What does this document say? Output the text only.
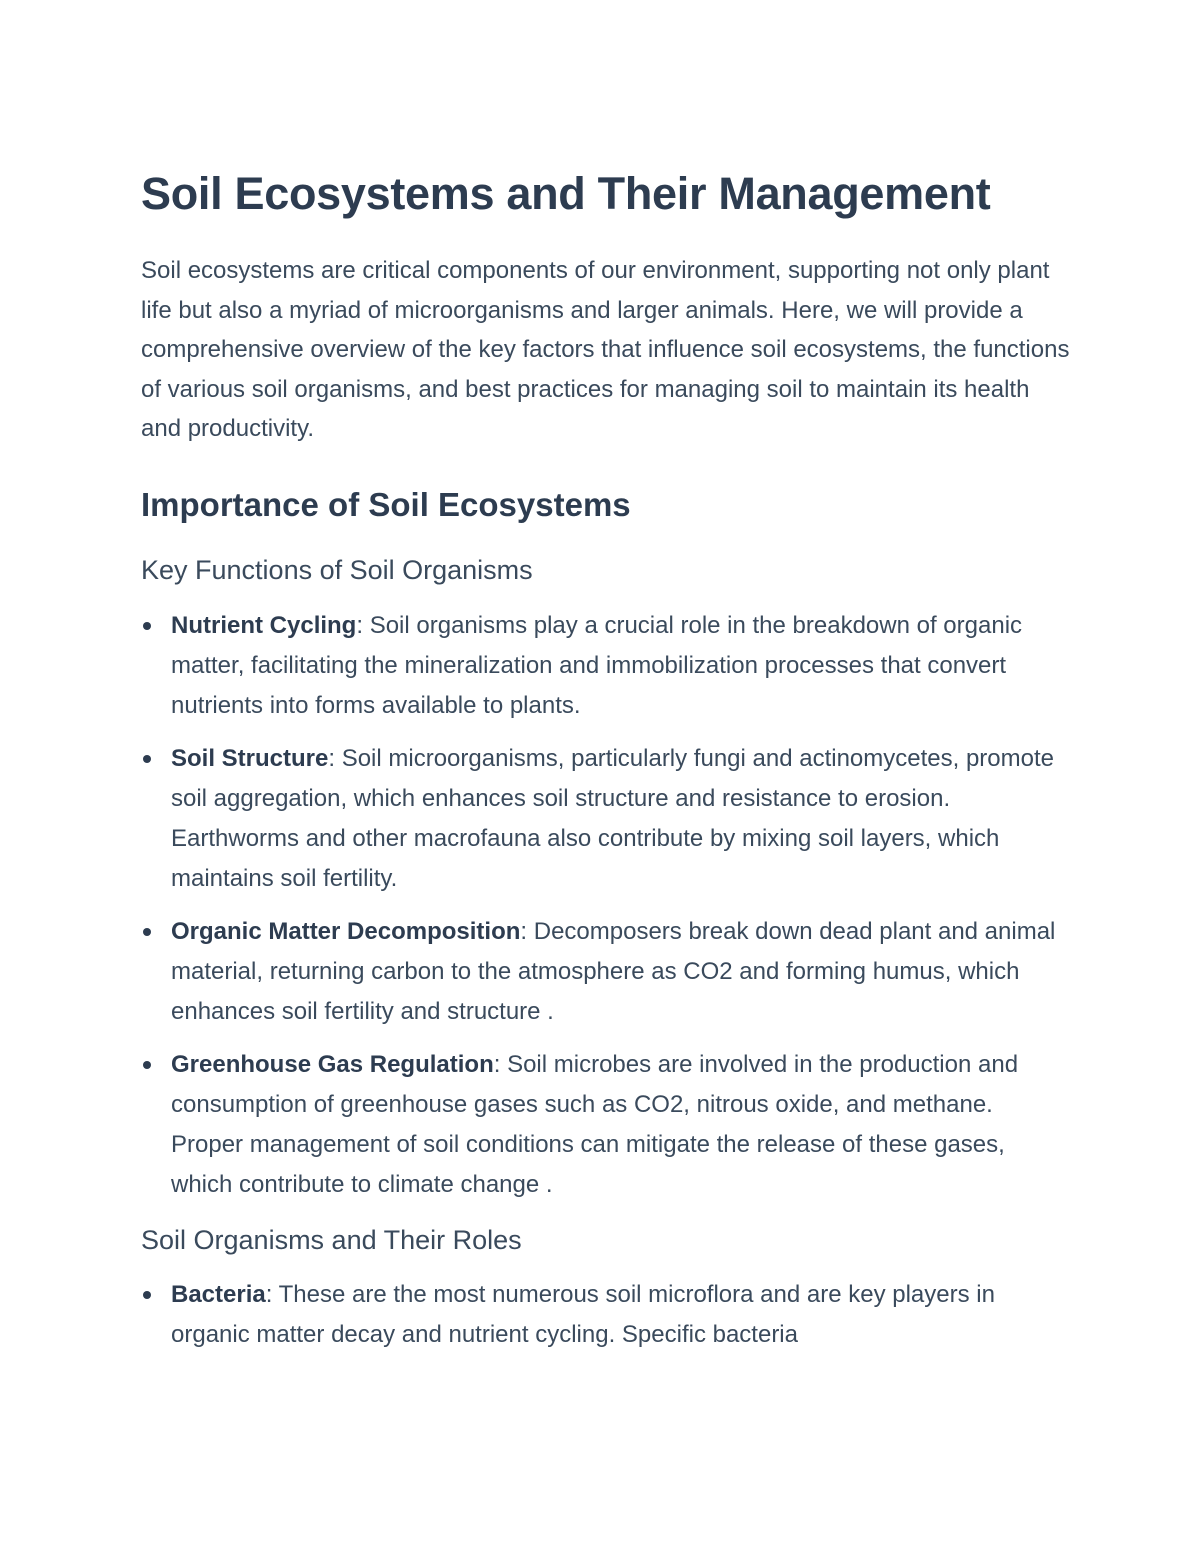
Soil Ecosystems and Their Management

Soil ecosystems are critical components of our environment, supporting not only plant life but also a myriad of microorganisms and larger animals. Here, we will provide a comprehensive overview of the key factors that influence soil ecosystems, the functions of various soil organisms, and best practices for managing soil to maintain its health and productivity.

Importance of Soil Ecosystems
Key Functions of Soil Organisms
Nutrient Cycling: Soil organisms play a crucial role in the breakdown of organic matter, facilitating the mineralization and immobilization processes that convert nutrients into forms available to plants.
Soil Structure: Soil microorganisms, particularly fungi and actinomycetes, promote soil aggregation, which enhances soil structure and resistance to erosion. Earthworms and other macrofauna also contribute by mixing soil layers, which maintains soil fertility.
Organic Matter Decomposition: Decomposers break down dead plant and animal material, returning carbon to the atmosphere as CO2 and forming humus, which enhances soil fertility and structure .
Greenhouse Gas Regulation: Soil microbes are involved in the production and consumption of greenhouse gases such as CO2, nitrous oxide, and methane. Proper management of soil conditions can mitigate the release of these gases, which contribute to climate change .
Soil Organisms and Their Roles
Bacteria: These are the most numerous soil microflora and are key players in organic matter decay and nutrient cycling. Specific bacteria
